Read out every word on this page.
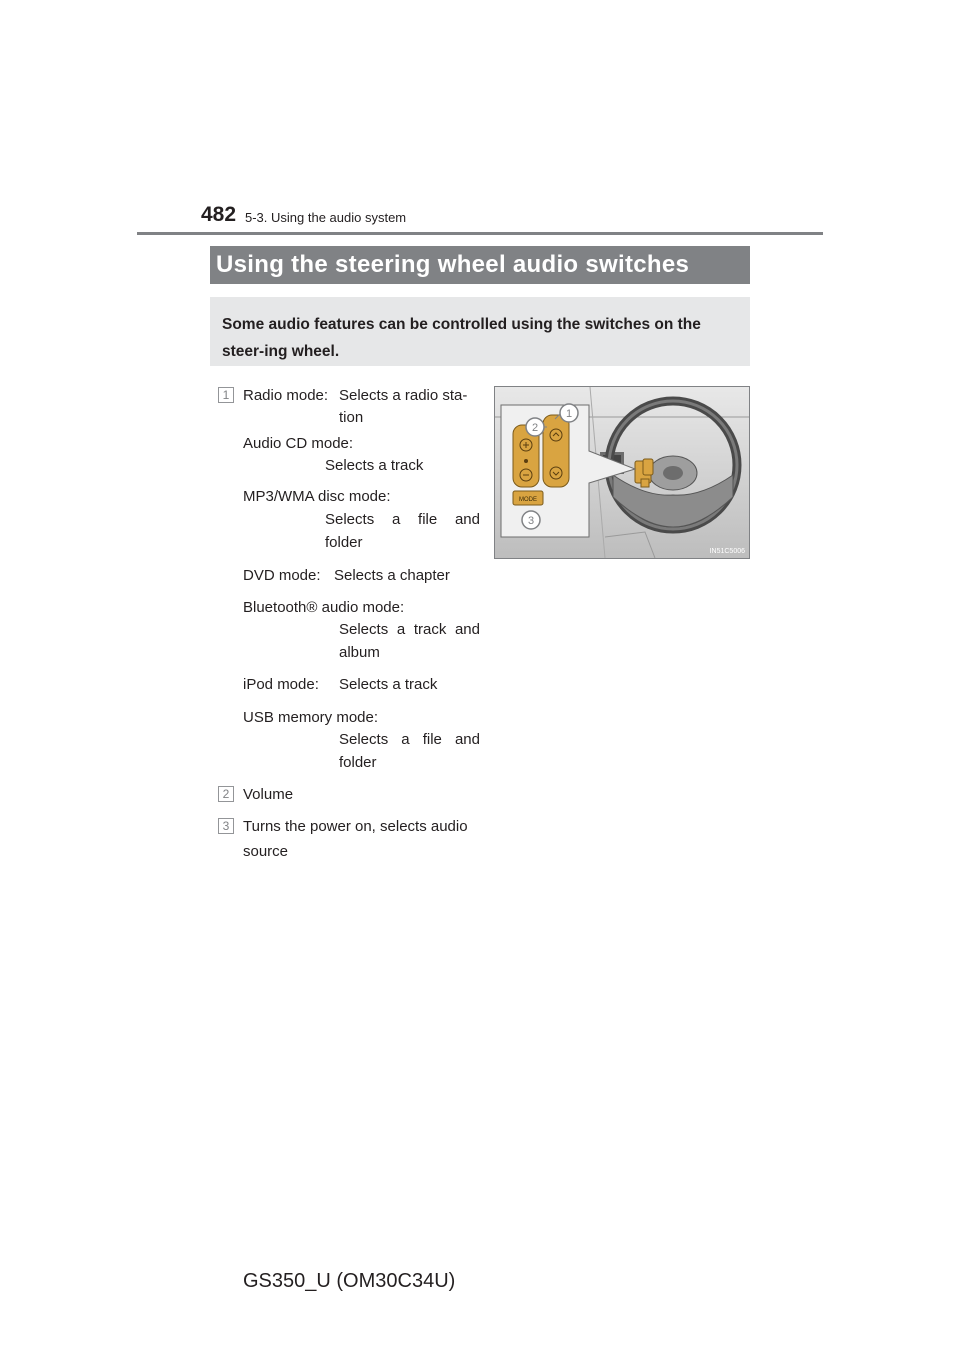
482 5-3. Using the audio system
Using the steering wheel audio switches
Some audio features can be controlled using the switches on the steer-ing wheel.
1 Radio mode: Selects a radio sta-
tion
Audio CD mode:
Selects a track
MP3/WMA disc mode:
Selects a file and
folder
DVD mode: Selects a chapter
Bluetooth® audio mode:
Selects a track and
album
iPod mode: Selects a track
USB memory mode:
Selects a file and
folder
2 Volume
3 Turns the power on, selects audio
source
MODE
2
1
3
IN51C5006
GS350_U (OM30C34U)
